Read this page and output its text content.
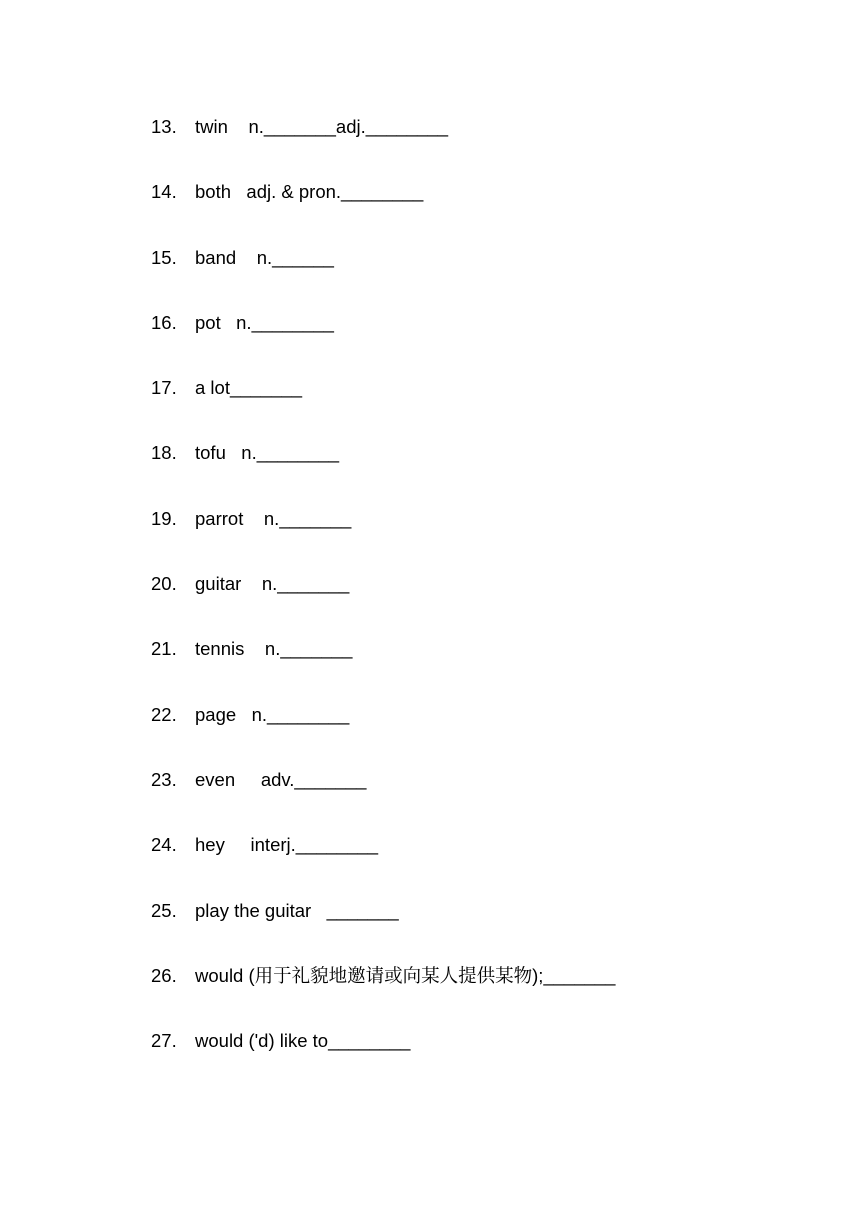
13. twin    n._______adj.________
14. both   adj. & pron.________
15. band    n.______
16. pot   n.________
17. a lot_______
18. tofu   n.________
19. parrot    n._______
20. guitar    n._______
21. tennis    n._______
22. page   n.________
23. even     adv._______
24. hey     interj.________
25. play the guitar   _______
26. would (用于礼貌地邀请或向某人提供某物);_______
27. would ('d) like to________
